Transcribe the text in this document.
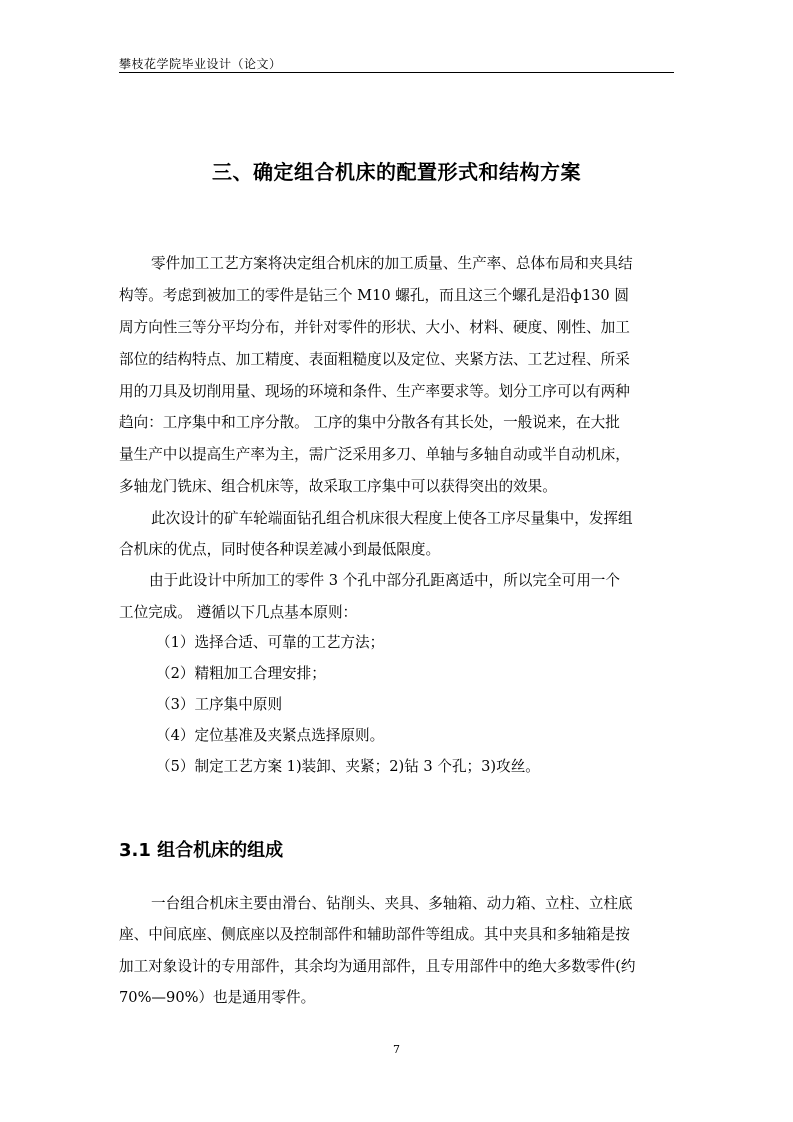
攀枝花学院毕业设计（论文）
三、确定组合机床的配置形式和结构方案
零件加工工艺方案将决定组合机床的加工质量、生产率、总体布局和夹具结
构等。考虑到被加工的零件是钻三个 M10 螺孔，而且这三个螺孔是沿ф130 圆
周方向性三等分平均分布，并针对零件的形状、大小、材料、硬度、刚性、加工
部位的结构特点、加工精度、表面粗糙度以及定位、夹紧方法、工艺过程、所采
用的刀具及切削用量、现场的环境和条件、生产率要求等。划分工序可以有两种
趋向：工序集中和工序分散。 工序的集中分散各有其长处，一般说来，在大批
量生产中以提高生产率为主，需广泛采用多刀、单轴与多轴自动或半自动机床，
多轴龙门铣床、组合机床等，故采取工序集中可以获得突出的效果。
此次设计的矿车轮端面钻孔组合机床很大程度上使各工序尽量集中，发挥组
合机床的优点，同时使各种误差减小到最低限度。
由于此设计中所加工的零件 3 个孔中部分孔距离适中，所以完全可用一个
工位完成。 遵循以下几点基本原则：
（1）选择合适、可靠的工艺方法；
（2）精粗加工合理安排；
（3）工序集中原则
（4）定位基准及夹紧点选择原则。
（5）制定工艺方案 1)装卸、夹紧；2)钻 3 个孔；3)攻丝。
3.1 组合机床的组成
一台组合机床主要由滑台、钻削头、夹具、多轴箱、动力箱、立柱、立柱底
座、中间底座、侧底座以及控制部件和辅助部件等组成。其中夹具和多轴箱是按
加工对象设计的专用部件，其余均为通用部件，且专用部件中的绝大多数零件(约
70%—90%）也是通用零件。
7
